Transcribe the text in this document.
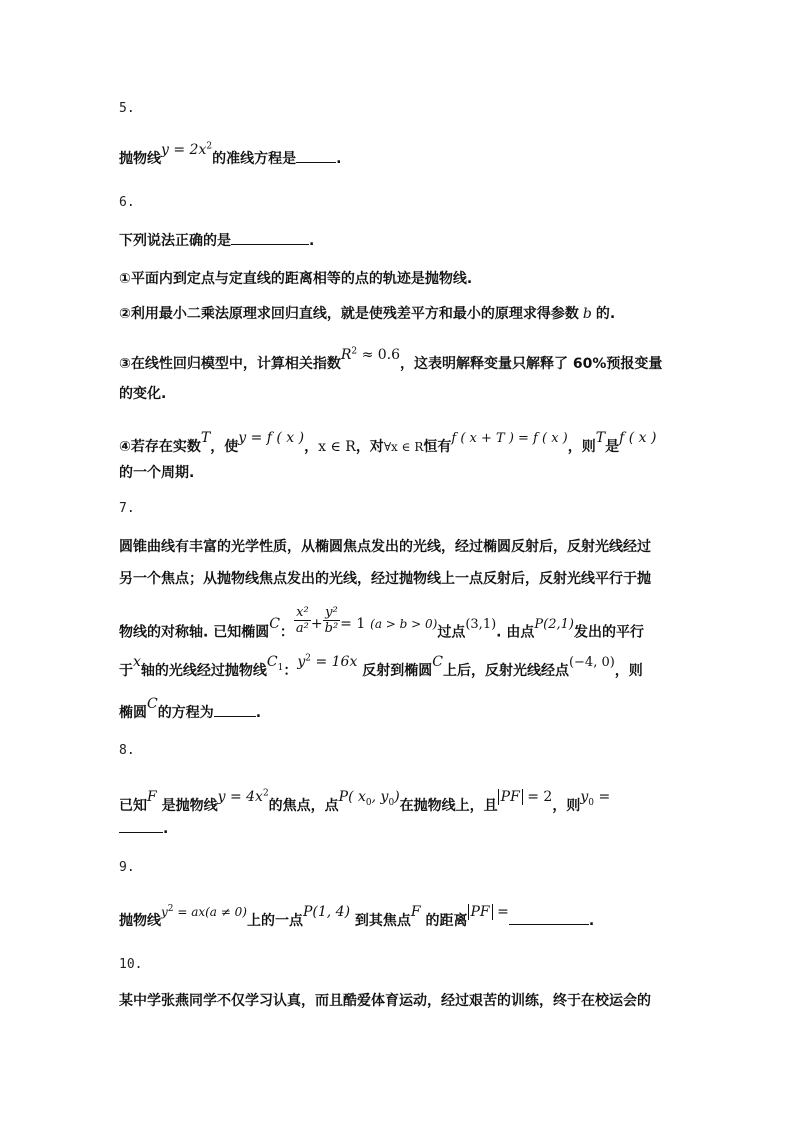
5.
抛物线$y = 2x^2$的准线方程是	.
6.
下列说法正确的是	.
①平面内到定点与定直线的距离相等的点的轨迹是抛物线.
②利用最小二乘法原理求回归直线，就是使残差平方和最小的原理求得参数 b 的.
③在线性回归模型中，计算相关指数$R^2 \approx 0.6$，这表明解释变量只解释了 60%预报变量
的变化.
④若存在实数T，使y = f ( x )，x ∈ R，对∀x ∈ R恒有f ( x + T ) = f ( x )，则T是f ( x )
的一个周期.
7.
圆锥曲线有丰富的光学性质，从椭圆焦点发出的光线，经过椭圆反射后，反射光线经过
另一个焦点；从抛物线焦点发出的光线，经过抛物线上一点反射后，反射光线平行于抛
物线的对称轴. 已知椭圆C： $\frac{\text{x²}}{\text{a²}} + \frac{\text{y²}}{\text{b²}} = 1$ (a > b > 0)过点(3,1). 由点P(2,1)发出的平行
于x轴的光线经过抛物线$C_1$：$y^2 = 16x$ 反射到椭圆C上后，反射光线经点(−4, 0)，则
椭圆C的方程为	.
8.
已知F 是抛物线$y = 4x^2$的焦点，点P( $x_0$, $y_0$)在抛物线上，且PF = 2，则$y_0$ =
.
9.
抛物线$y^2 = ax(a \ne 0)$上的一点P(1, 4) 到其焦点F 的距离PF =.
10.
某中学张燕同学不仅学习认真，而且酷爱体育运动，经过艰苦的训练，终于在校运会的
